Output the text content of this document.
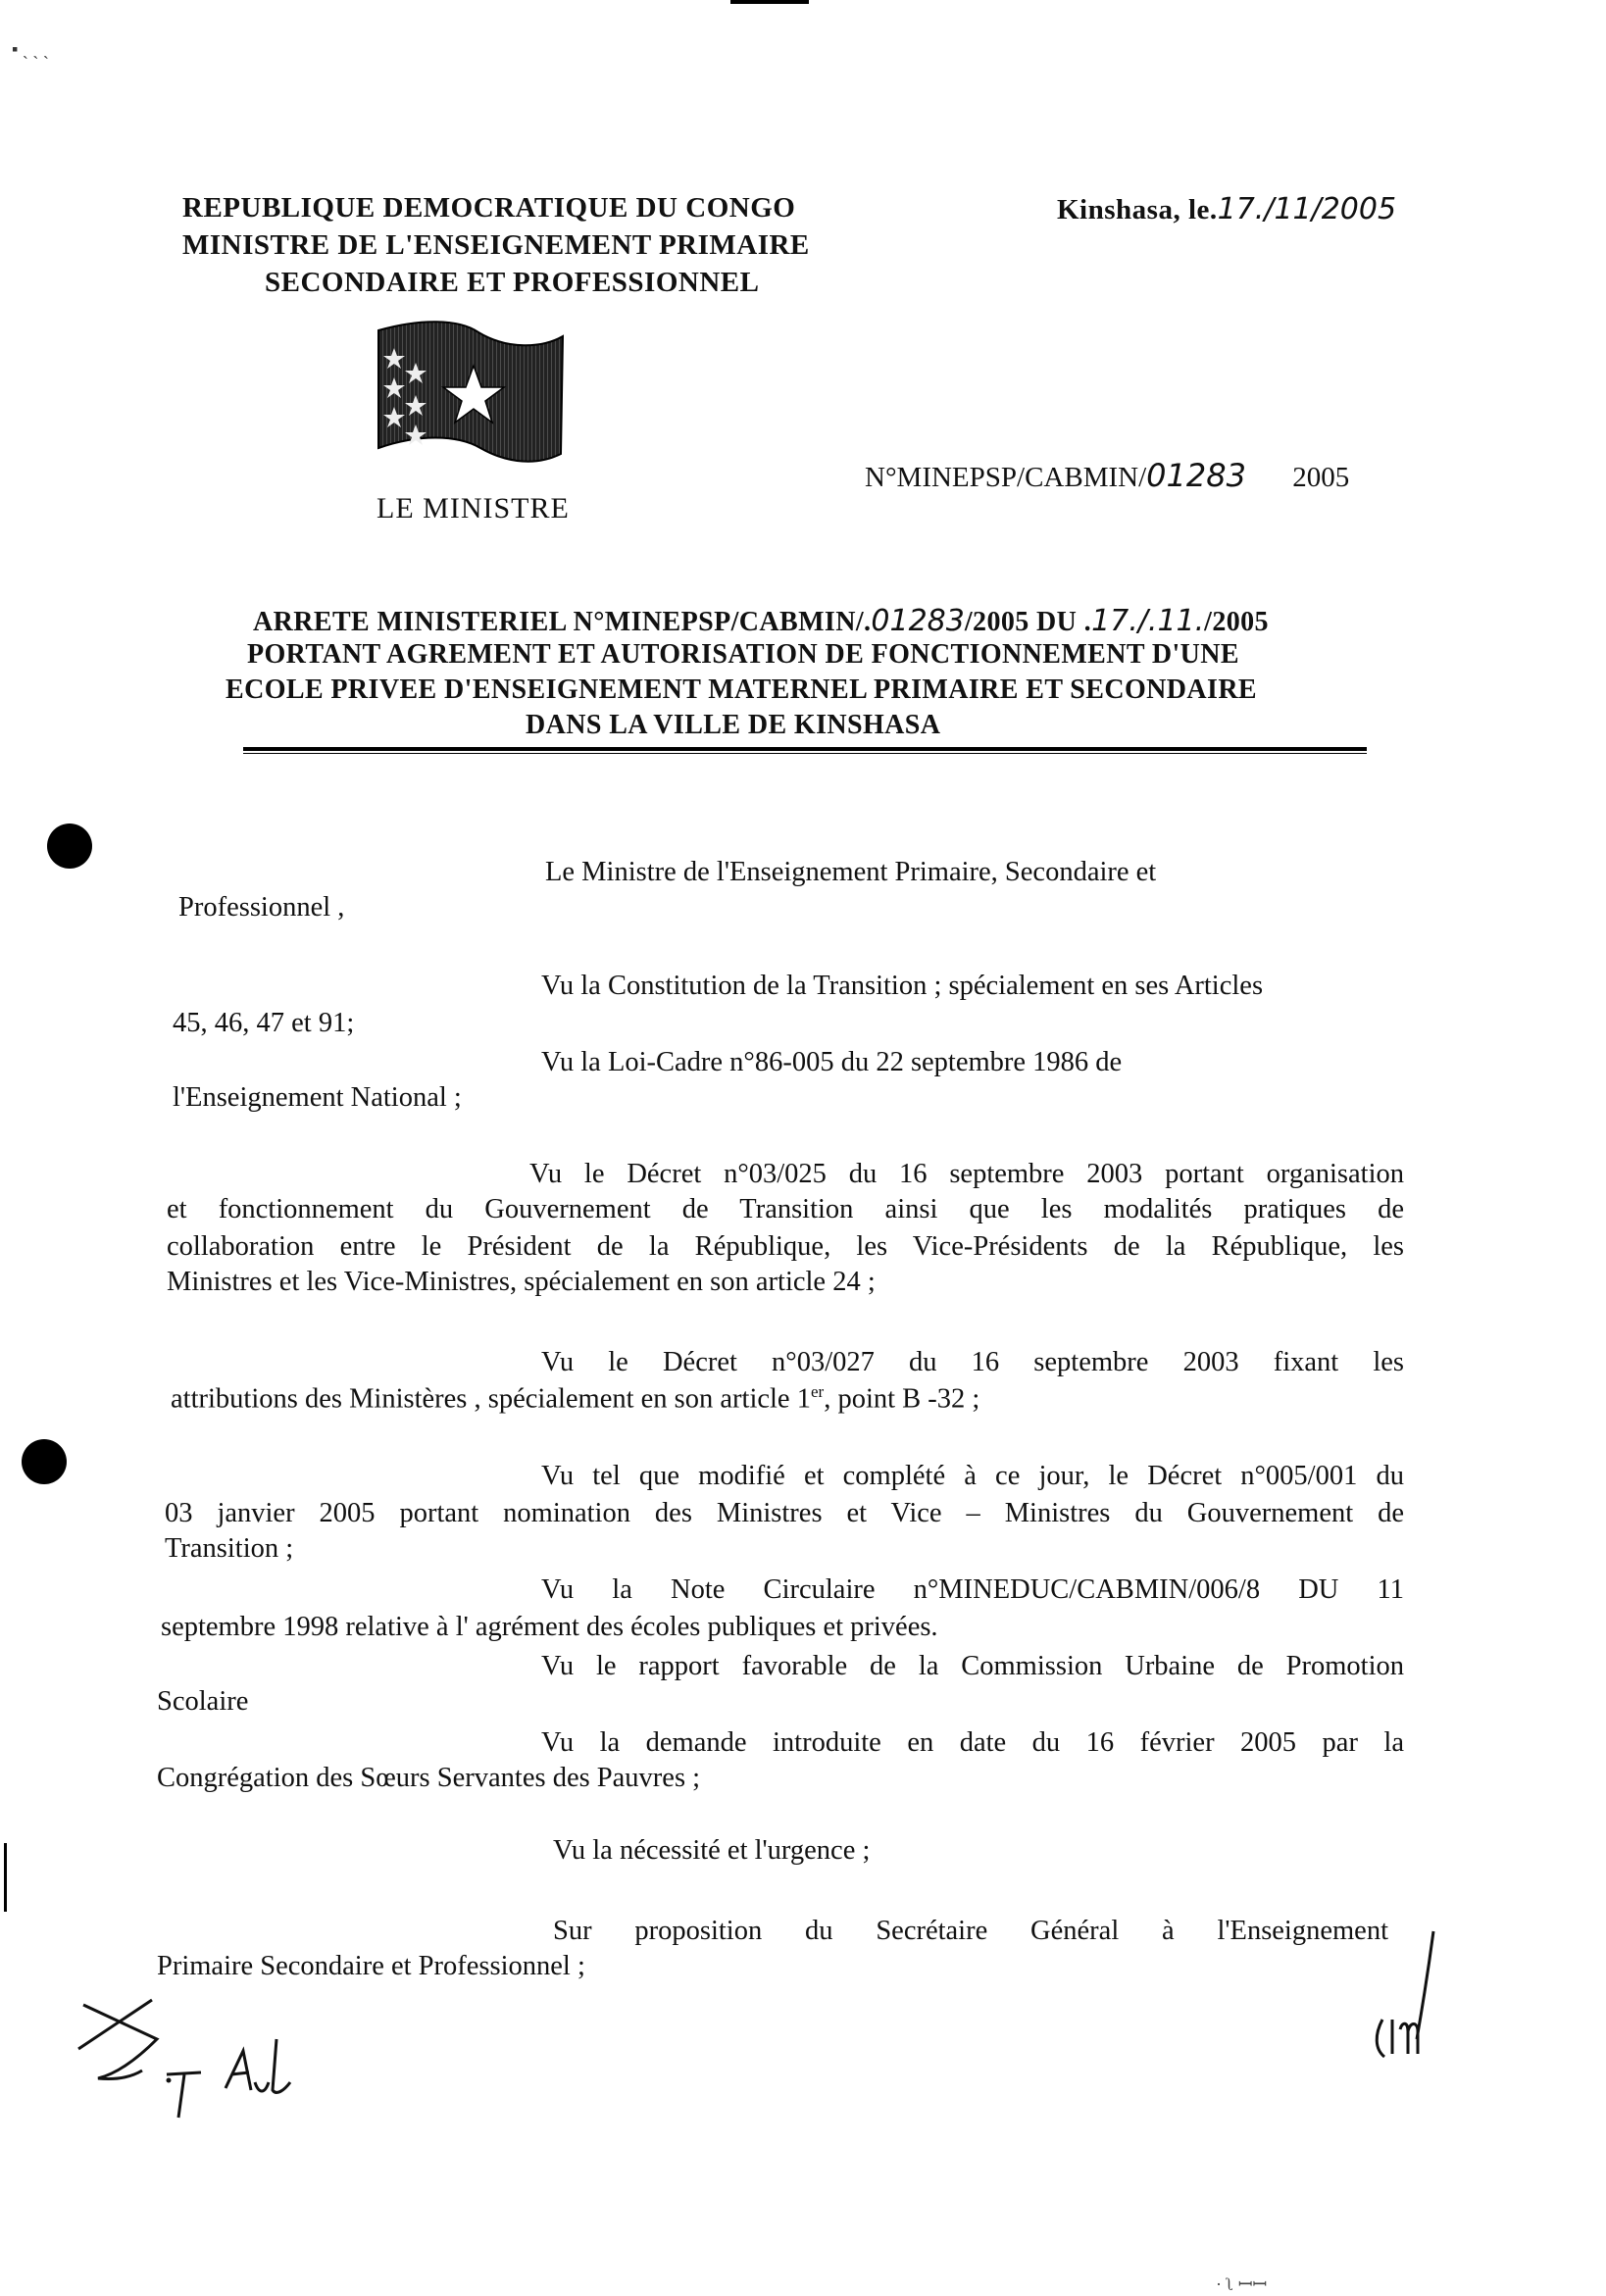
▪ ˎ ˏ ˎ
REPUBLIQUE DEMOCRATIQUE DU CONGO
MINISTRE DE L'ENSEIGNEMENT PRIMAIRE
SECONDAIRE ET PROFESSIONNEL
LE MINISTRE
Kinshasa, le.17./11/2005
N°MINEPSP/CABMIN/01283 2005
ARRETE MINISTERIEL N°MINEPSP/CABMIN/.01283/2005 DU .17./.11./2005
PORTANT AGREMENT ET AUTORISATION DE FONCTIONNEMENT D'UNE
ECOLE PRIVEE D'ENSEIGNEMENT MATERNEL PRIMAIRE ET SECONDAIRE
DANS LA VILLE DE KINSHASA
Le Ministre de l'Enseignement Primaire, Secondaire et
Professionnel ,
Vu la Constitution de la Transition ; spécialement en ses Articles
45, 46, 47 et 91;
Vu la Loi-Cadre n°86-005 du 22 septembre 1986 de
l'Enseignement National ;
Vu le Décret n°03/025 du 16 septembre 2003 portant organisation
et fonctionnement du Gouvernement de Transition ainsi que les modalités pratiques de
collaboration entre le Président de la République, les Vice-Présidents de la République, les
Ministres et les Vice-Ministres, spécialement en son article 24 ;
Vu le Décret n°03/027 du 16 septembre 2003 fixant les
attributions des Ministères , spécialement en son article 1er, point B -32 ;
Vu tel que modifié et complété à ce jour, le Décret n°005/001 du
03 janvier 2005 portant nomination des Ministres et Vice – Ministres du Gouvernement de
Transition ;
Vu la Note Circulaire n°MINEDUC/CABMIN/006/8 DU 11
septembre 1998 relative à l' agrément des écoles publiques et privées.
Vu le rapport favorable de la Commission Urbaine de Promotion
Scolaire
Vu la demande introduite en date du 16 février 2005 par la
Congrégation des Sœurs Servantes des Pauvres ;
Vu la nécessité et l'urgence ;
Sur proposition du Secrétaire Général à l'Enseignement
Primaire Secondaire et Professionnel ;
· ʅ ꟷꟷ
